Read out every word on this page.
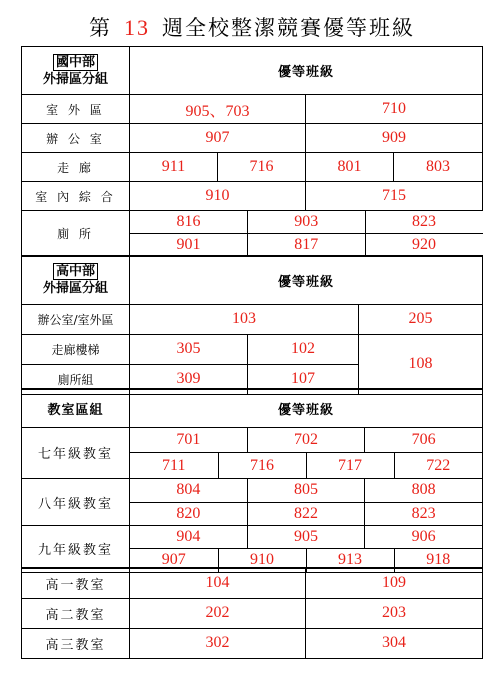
第 13 週全校整潔競賽優等班級
國中部
外掃區分組	優等班級
室 外 區	905、703	710
辦 公 室	907	909
走 廊	911	716	801	803
室 內 綜 合	910	715
廁 所	
816	903	823

901	817	920
高中部
外掃區分組	優等班級		
辦公室/室外區	103		205
走廊樓梯	305	102	108
廁所組	309	107	
教室區組	優等班級
七年級教室	
701	702	706
711	716	717	722

八年級教室	
804	805	808
820	822	823

九年級教室	
904	905	906
907	910	913	918
高一教室	104	109
高二教室	202	203
高三教室	302	304
